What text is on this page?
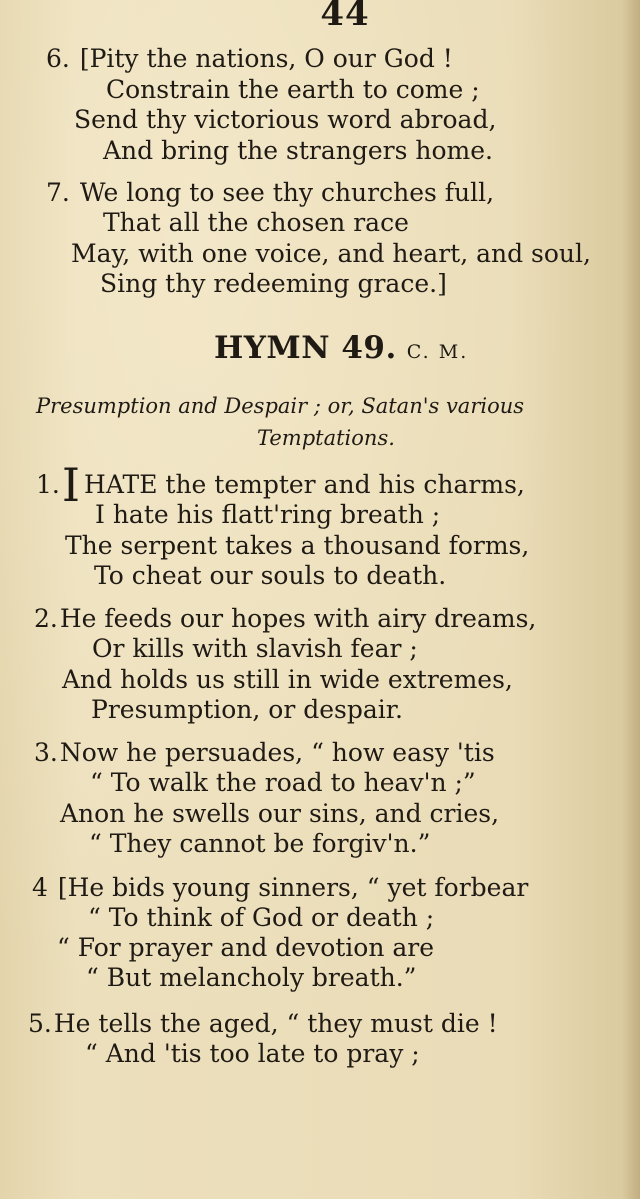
44
6. [Pity the nations, O our God !
Constrain the earth to come ;
Send thy victorious word abroad,
And bring the strangers home.
7. We long to see thy churches full,
That all the chosen race
May, with one voice, and heart, and soul,
Sing thy redeeming grace.]
HYMN 49. C. M.
Presumption and Despair ; or, Satan's various
Temptations.
1.I HATE the tempter and his charms,
I hate his flatt'ring breath ;
The serpent takes a thousand forms,
To cheat our souls to death.
2.He feeds our hopes with airy dreams,
Or kills with slavish fear ;
And holds us still in wide extremes,
Presumption, or despair.
3.Now he persuades, “ how easy 'tis
“ To walk the road to heav'n ;”
Anon he swells our sins, and cries,
“ They cannot be forgiv'n.”
4 [He bids young sinners, “ yet forbear
“ To think of God or death ;
“ For prayer and devotion are
“ But melancholy breath.”
5.He tells the aged, “ they must die !
“ And 'tis too late to pray ;
